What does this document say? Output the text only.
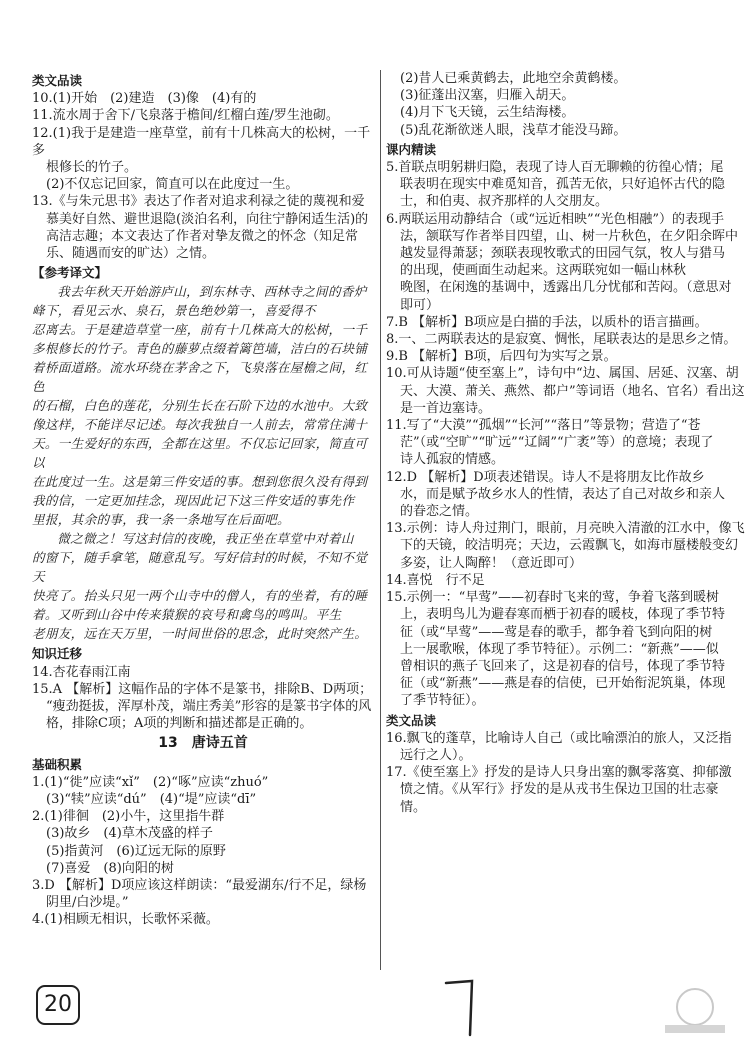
类文品读

10.(1)开始　(2)建造　(3)像　(4)有的

11.流水周于舍下/飞泉落于檐间/红榴白莲/罗生池砌。

12.(1)我于是建造一座草堂，前有十几株高大的松树，一千多

根修长的竹子。

(2)不仅忘记回家，简直可以在此度过一生。

13.《与朱元思书》表达了作者对追求利禄之徒的蔑视和爱

慕美好自然、避世退隐(淡泊名利，向往宁静闲适生活)的

高洁志趣；本文表达了作者对挚友微之的怀念（知足常

乐、随遇而安的旷达）之情。

【参考译文】

我去年秋天开始游庐山，到东林寺、西林寺之间的香炉

峰下，看见云水、泉石，景色绝妙第一，喜爱得不

忍离去。于是建造草堂一座，前有十几株高大的松树，一千

多根修长的竹子。青色的藤萝点缀着篱笆墙，洁白的石块铺

着桥面道路。流水环绕在茅舍之下，飞泉落在屋檐之间，红色

的石榴，白色的莲花，分别生长在石阶下边的水池中。大致

像这样，不能详尽记述。每次我独自一人前去，常常住满十

天。一生爱好的东西，全都在这里。不仅忘记回家，简直可以

在此度过一生。这是第三件安适的事。想到您很久没有得到

我的信，一定更加挂念，现因此记下这三件安适的事先作

里报，其余的事，我一条一条地写在后面吧。

微之微之！写这封信的夜晚，我正坐在草堂中对着山

的窗下，随手拿笔，随意乱写。写好信封的时候，不知不觉天

快亮了。抬头只见一两个山寺中的僧人，有的坐着，有的睡

着。又听到山谷中传来猿猴的哀号和禽鸟的鸣叫。平生

老朋友，远在天万里，一时间世俗的思念，此时突然产生。

知识迁移

14.杏花春雨江南

15.A 【解析】这幅作品的字体不是篆书，排除B、D两项；

“瘦劲挺拔，浑厚朴茂，端庄秀美”形容的是篆书字体的风

格，排除C项；A项的判断和描述都是正确的。

13　唐诗五首
基础积累

1.(1)“徙”应读“xǐ”　(2)“啄”应读“zhuó”

(3)“犊”应读“dú”　(4)“堤”应读“dī”

2.(1)徘徊　(2)小牛，这里指牛群

(3)故乡　(4)草木茂盛的样子

(5)指黄河　(6)辽远无际的原野

(7)喜爱　(8)向阳的树

3.D 【解析】D项应该这样朗读：“最爱湖东/行不足，绿杨

阴里/白沙堤。”

4.(1)相顾无相识，长歌怀采薇。

(2)昔人已乘黄鹤去，此地空余黄鹤楼。

(3)征蓬出汉塞，归雁入胡天。

(4)月下飞天镜，云生结海楼。

(5)乱花渐欲迷人眼，浅草才能没马蹄。

课内精读

5.首联点明躬耕归隐，表现了诗人百无聊赖的彷徨心情；尾

联表明在现实中难觅知音，孤苦无依，只好追怀古代的隐

士，和伯夷、叔齐那样的人交朋友。

6.两联运用动静结合（或“远近相映”“光色相融”）的表现手

法，颔联写作者举目四望，山、树一片秋色，在夕阳余晖中

越发显得萧瑟；颈联表现牧歌式的田园气氛，牧人与猎马

的出现，使画面生动起来。这两联宛如一幅山林秋

晚图，在闲逸的基调中，透露出几分忧郁和苦闷。（意思对

即可）

7.B 【解析】B项应是白描的手法，以质朴的语言描画。

8.一、二两联表达的是寂寞、惆怅，尾联表达的是思乡之情。

9.B 【解析】B项，后四句为实写之景。

10.可从诗题“使至塞上”，诗句中“边、属国、居延、汉塞、胡

天、大漠、萧关、燕然、都户”等词语（地名、官名）看出这

是一首边塞诗。

11.写了“大漠”“孤烟”“长河”“落日”等景物；营造了“苍

茫”（或“空旷”“旷远”“辽阔”“广袤”等）的意境；表现了

诗人孤寂的情感。

12.D 【解析】D项表述错误。诗人不是将朋友比作故乡

水，而是赋予故乡水人的性情，表达了自己对故乡和亲人

的眷恋之情。

13.示例：诗人舟过荆门，眼前，月亮映入清澈的江水中，像飞

下的天镜，皎洁明亮；天边，云霞飘飞，如海市蜃楼般变幻

多姿，让人陶醉！（意近即可）

14.喜悦　行不足

15.示例一：“早莺”——初春时飞来的莺，争着飞落到暖树

上，表明鸟儿为避春寒而栖于初春的暖枝，体现了季节特

征（或“早莺”——莺是春的歌手，都争着飞到向阳的树

上一展歌喉，体现了季节特征）。示例二：“新燕”——似

曾相识的燕子飞回来了，这是初春的信号，体现了季节特

征（或“新燕”——燕是春的信使，已开始衔泥筑巢，体现

了季节特征）。

类文品读

16.飘飞的蓬草，比喻诗人自己（或比喻漂泊的旅人，又泛指

远行之人）。

17.《使至塞上》抒发的是诗人只身出塞的飘零落寞、抑郁激

愤之情。《从军行》抒发的是从戎书生保边卫国的壮志豪

情。

20
